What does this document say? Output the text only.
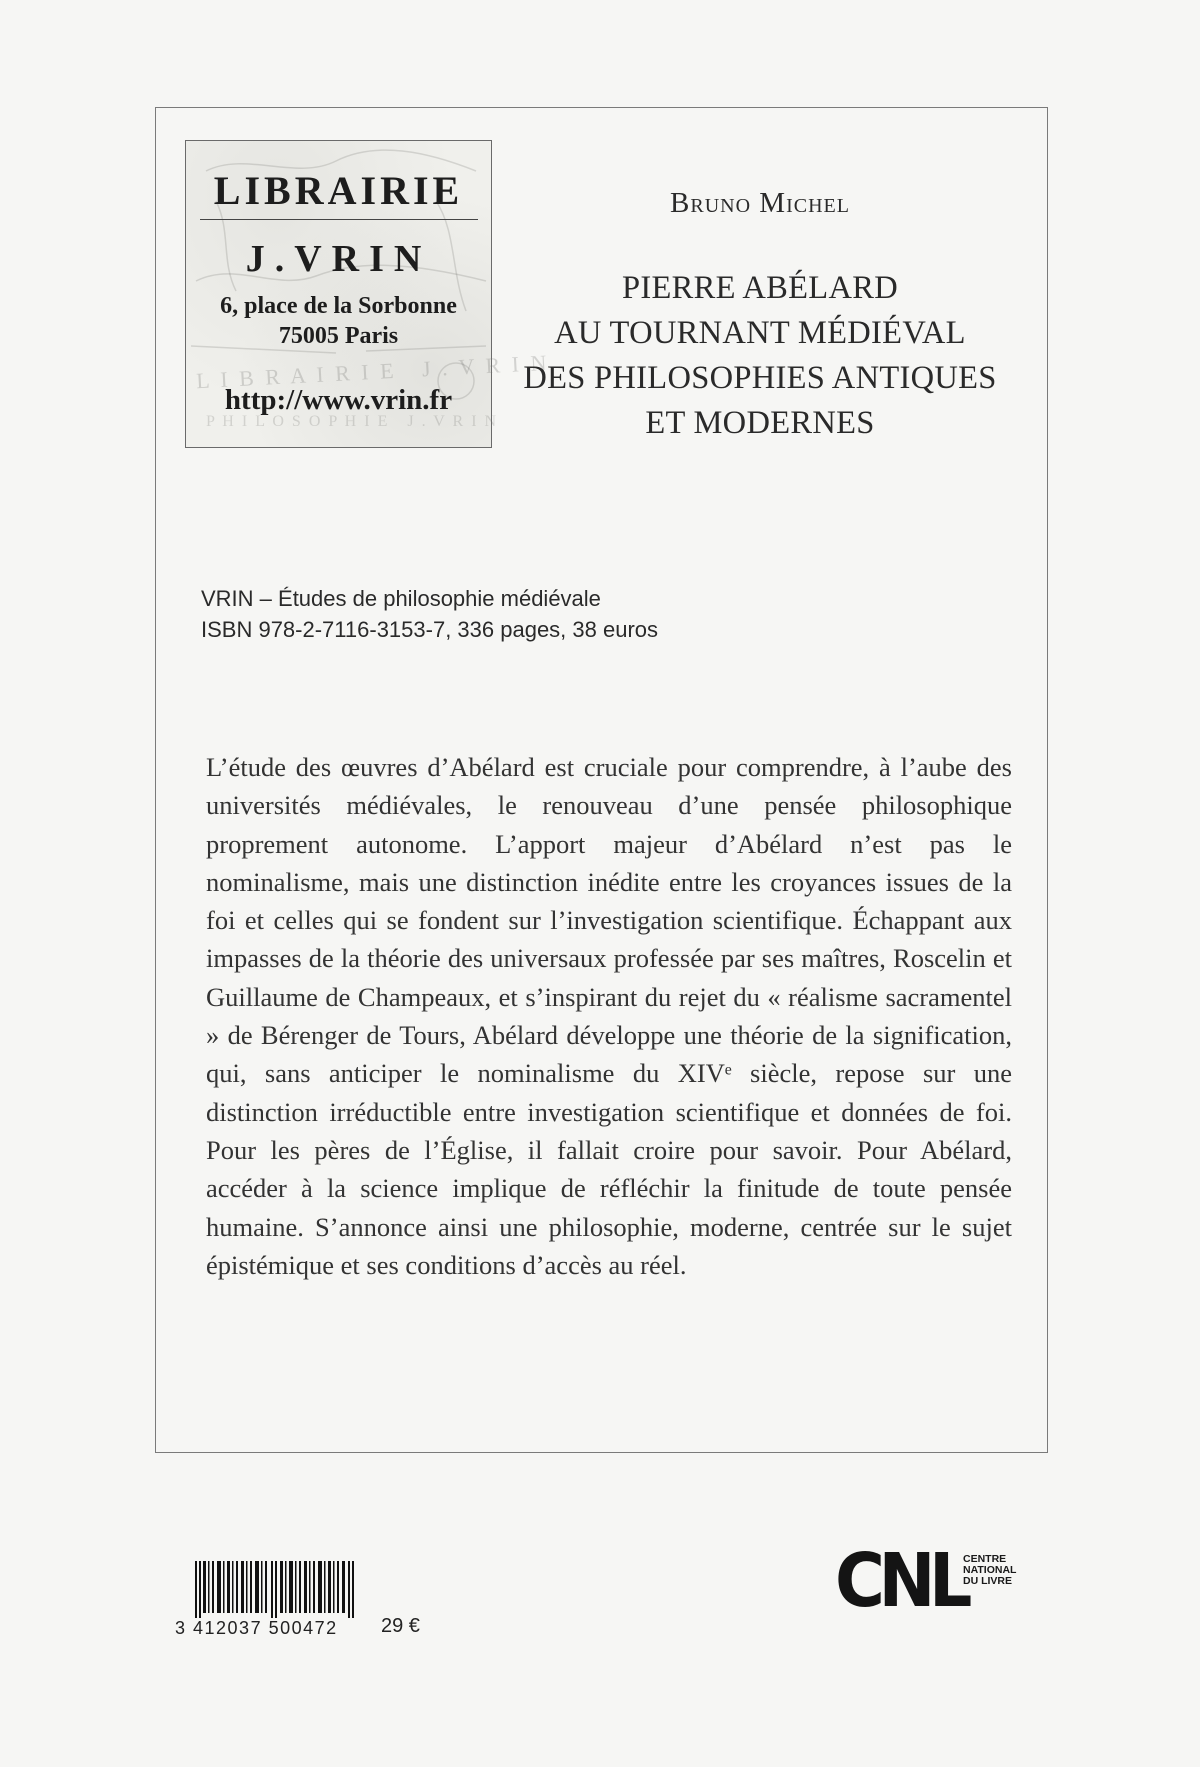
L I B R A I R I E   J . V R I N
P H I L O S O P H I E   J . V R I N
LIBRAIRIE
J.VRIN
6, place de la Sorbonne
75005 Paris
http://www.vrin.fr
Bruno Michel
PIERRE ABÉLARD
AU TOURNANT MÉDIÉVAL
DES PHILOSOPHIES ANTIQUES
ET MODERNES
VRIN – Études de philosophie médiévale
ISBN 978-2-7116-3153-7, 336 pages, 38 euros
L’étude des œuvres d’Abélard est cruciale pour comprendre, à l’aube des universités médiévales, le renouveau d’une pensée philosophique proprement autonome. L’apport majeur d’Abélard n’est pas le nominalisme, mais une distinction inédite entre les croyances issues de la foi et celles qui se fondent sur l’investigation scientifique. Échappant aux impasses de la théorie des universaux professée par ses maîtres, Roscelin et Guillaume de Champeaux, et s’inspirant du rejet du « réalisme sacramentel » de Bérenger de Tours, Abélard développe une théorie de la signification, qui, sans anticiper le nominalisme du XIVᵉ siècle, repose sur une distinction irréductible entre investigation scientifique et données de foi. Pour les pères de l’Église, il fallait croire pour savoir. Pour Abélard, accéder à la science implique de réfléchir la finitude de toute pensée humaine. S’annonce ainsi une philosophie, moderne, centrée sur le sujet épistémique et ses conditions d’accès au réel.
3 412037 500472 29 €
CNL
CENTRE
NATIONAL
DU LIVRE
